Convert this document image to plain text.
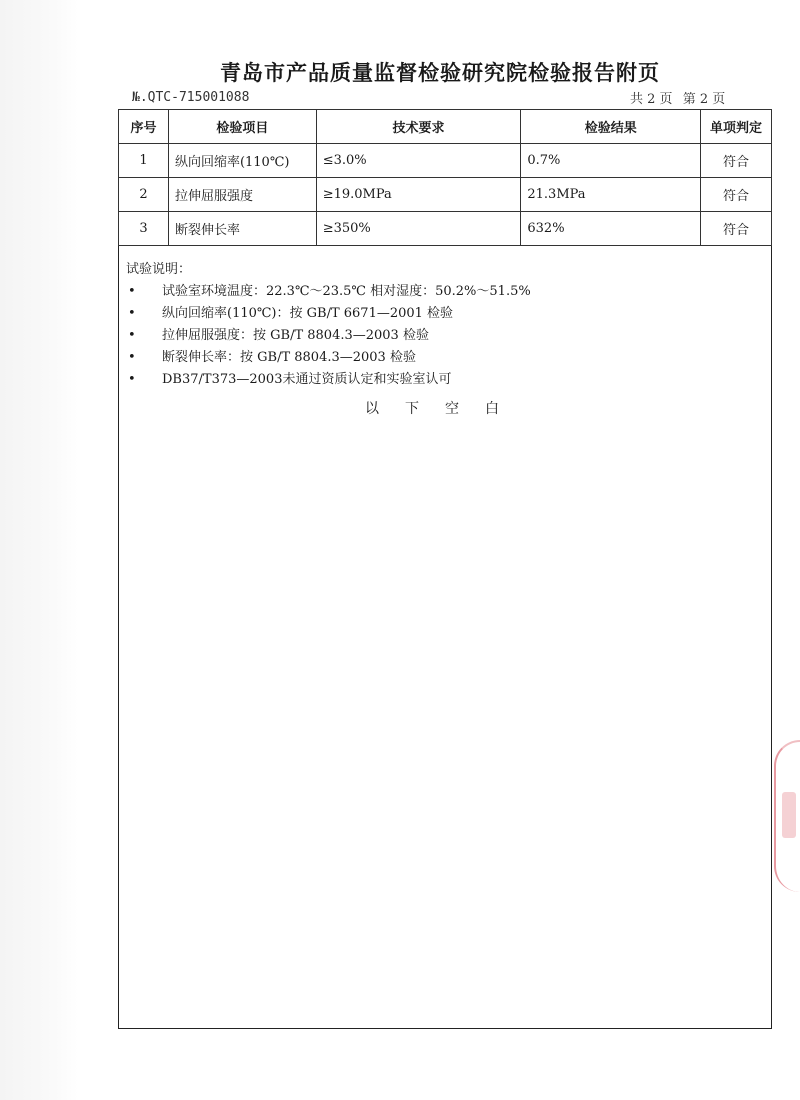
青岛市产品质量监督检验研究院检验报告附页
№.QTC-715001088	共 2 页 第 2 页
序号	检验项目	技术要求	检验结果	单项判定
1	纵向回缩率(110℃)	≤3.0%	0.7%	符合
2	拉伸屈服强度	≥19.0MPa	21.3MPa	符合
3	断裂伸长率	≥350%	632%	符合
试验说明：
•	试验室环境温度：22.3℃～23.5℃ 相对湿度：50.2%～51.5%
•	纵向回缩率(110℃)：按 GB/T 6671—2001 检验
•	拉伸屈服强度：按 GB/T 8804.3—2003 检验
•	断裂伸长率：按 GB/T 8804.3—2003 检验
•	DB37/T373—2003未通过资质认定和实验室认可
以下空白
